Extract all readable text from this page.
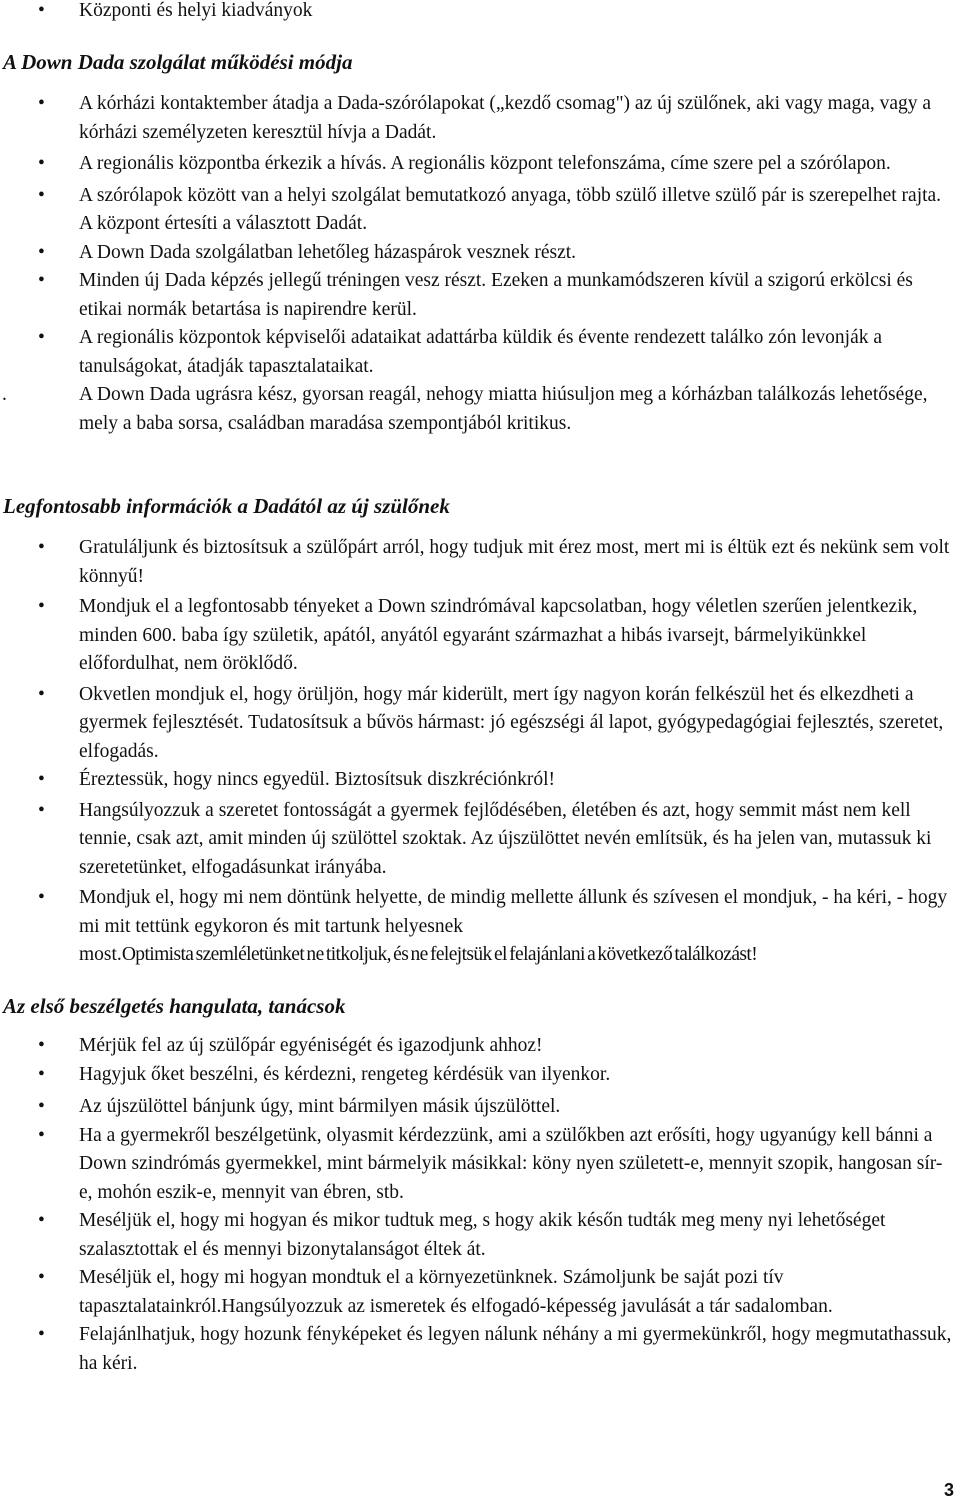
•	Központi és helyi kiadványok
A Down Dada szolgálat működési módja
•	A kórházi kontaktember átadja a Dada-szórólapokat („kezdő csomag") az új szülőnek, aki vagy maga, vagy a kórházi személyzeten keresztül hívja a Dadát.
•	A regionális központba érkezik a hívás. A regionális központ telefonszáma, címe szere pel a szórólapon.
•	A szórólapok között van a helyi szolgálat bemutatkozó anyaga, több szülő illetve szülő pár is szerepelhet rajta. A központ értesíti a választott Dadát.
•	A Down Dada szolgálatban lehetőleg házaspárok vesznek részt.
•	Minden új Dada képzés jellegű tréningen vesz részt. Ezeken a munkamódszeren kívül a szigorú erkölcsi és etikai normák betartása is napirendre kerül.
•	A regionális központok képviselői adataikat adattárba küldik és évente rendezett találko zón levonják a tanulságokat, átadják tapasztalataikat.
.	A Down Dada ugrásra kész, gyorsan reagál, nehogy miatta hiúsuljon meg a kórházban találkozás lehetősége, mely a baba sorsa, családban maradása szempontjából kritikus.
Legfontosabb információk a Dadától az új szülőnek
•	Gratuláljunk és biztosítsuk a szülőpárt arról, hogy tudjuk mit érez most, mert mi is éltük ezt és nekünk sem volt könnyű!
•	Mondjuk el a legfontosabb tényeket a Down szindrómával kapcsolatban, hogy véletlen szerűen jelentkezik, minden 600. baba így születik, apától, anyától egyaránt származhat a hibás ivarsejt, bármelyikünkkel előfordulhat, nem öröklődő.
•	Okvetlen mondjuk el, hogy örüljön, hogy már kiderült, mert így nagyon korán felkészül het és elkezdheti a gyermek fejlesztését. Tudatosítsuk a bűvös hármast: jó egészségi ál lapot, gyógypedagógiai fejlesztés, szeretet, elfogadás.
•	Éreztessük, hogy nincs egyedül. Biztosítsuk diszkréciónkról!
•	Hangsúlyozzuk a szeretet fontosságát a gyermek fejlődésében, életében és azt, hogy semmit mást nem kell tennie, csak azt, amit minden új szülöttel szoktak. Az újszülöttet nevén említsük, és ha jelen van, mutassuk ki szeretetünket, elfogadásunkat irányába.
•	Mondjuk el, hogy mi nem döntünk helyette, de mindig mellette állunk és szívesen el mondjuk, - ha kéri, - hogy mi mit tettünk egykoron és mit tartunk helyesnek
most.Optimista szemléletünket ne titkoljuk, és ne felejtsük el felajánlani a következő találkozást!
Az első beszélgetés hangulata, tanácsok
•	Mérjük fel az új szülőpár egyéniségét és igazodjunk ahhoz!
•	Hagyjuk őket beszélni, és kérdezni, rengeteg kérdésük van ilyenkor.
•	Az újszülöttel bánjunk úgy, mint bármilyen másik újszülöttel.
•	Ha a gyermekről beszélgetünk, olyasmit kérdezzünk, ami a szülőkben azt erősíti, hogy ugyanúgy kell bánni a Down szindrómás gyermekkel, mint bármelyik másikkal: köny nyen született-e, mennyit szopik, hangosan sír-e, mohón eszik-e, mennyit van ébren, stb.
•	Meséljük el, hogy mi hogyan és mikor tudtuk meg, s hogy akik későn tudták meg meny nyi lehetőséget szalasztottak el és mennyi bizonytalanságot éltek át.
•	Meséljük el, hogy mi hogyan mondtuk el a környezetünknek. Számoljunk be saját pozi tív tapasztalatainkról.Hangsúlyozzuk az ismeretek és elfogadó-képesség javulását a tár sadalomban.
•	Felajánlhatjuk, hogy hozunk fényképeket és legyen nálunk néhány a mi gyermekünkről, hogy megmutathassuk, ha kéri.
3
